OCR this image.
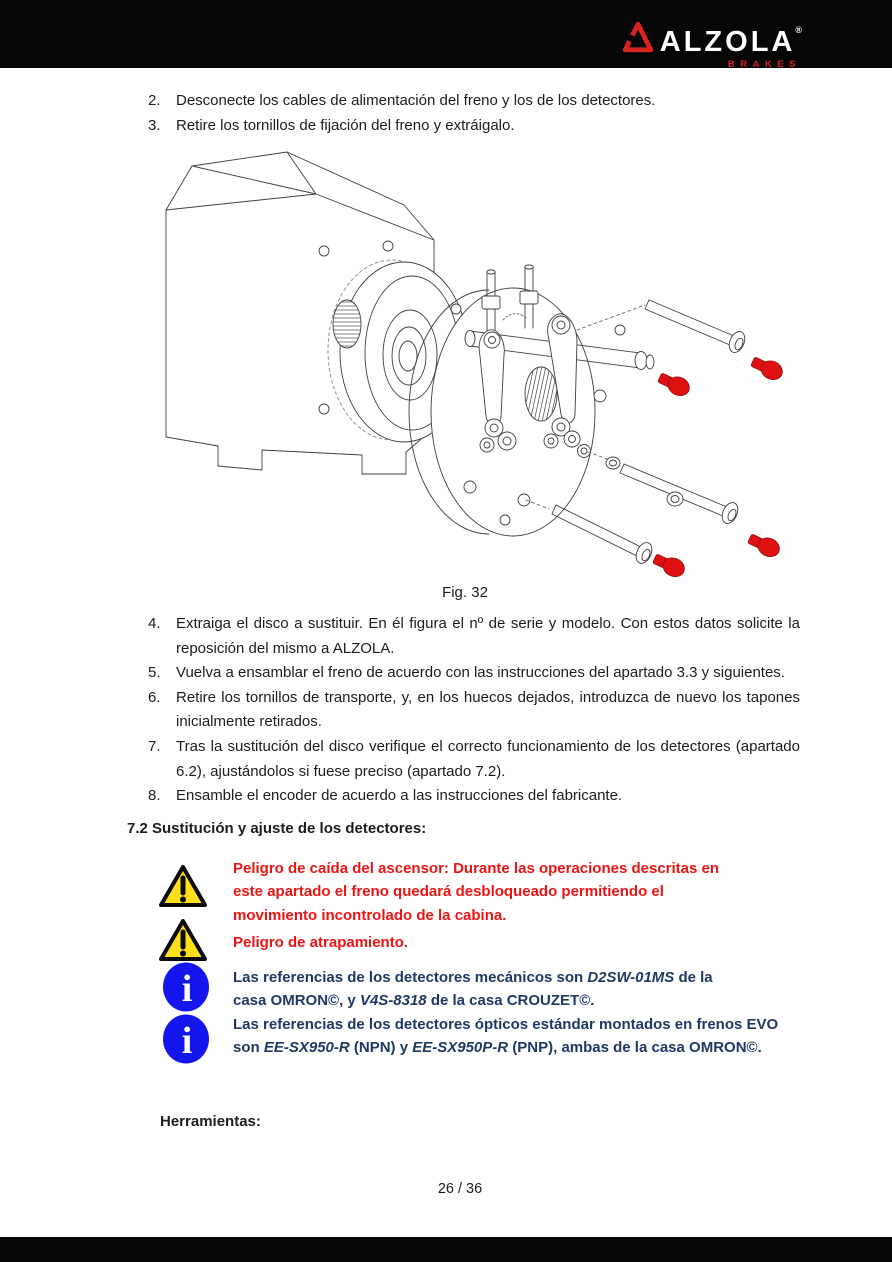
ALZOLA®
BRAKES
2.	Desconecte los cables de alimentación del freno y los de los detectores.
3.	Retire los tornillos de fijación del freno y extráigalo.
Fig. 32
4.	Extraiga el disco a sustituir. En él figura el nº de serie y modelo. Con estos datos solicite la reposición del mismo a ALZOLA.
5.	Vuelva a ensamblar el freno de acuerdo con las instrucciones del apartado 3.3 y siguientes.
6.	Retire los tornillos de transporte, y, en los huecos dejados, introduzca de nuevo los tapones inicialmente retirados.
7.	Tras la sustitución del disco verifique el correcto funcionamiento de los detectores (apartado 6.2), ajustándolos si fuese preciso (apartado 7.2).
8.	Ensamble el encoder de acuerdo a las instrucciones del fabricante.
7.2 Sustitución y ajuste de los detectores:
Peligro de caída del ascensor: Durante las operaciones descritas en este apartado el freno quedará desbloqueado permitiendo el movimiento incontrolado de la cabina.
Peligro de atrapamiento.
i	Las referencias de los detectores mecánicos son D2SW-01MS de la casa OMRON©, y V4S-8318 de la casa CROUZET©.
i	Las referencias de los detectores ópticos estándar montados en frenos EVO son EE-SX950-R (NPN) y EE-SX950P-R (PNP), ambas de la casa OMRON©.
Herramientas:
26 / 36
